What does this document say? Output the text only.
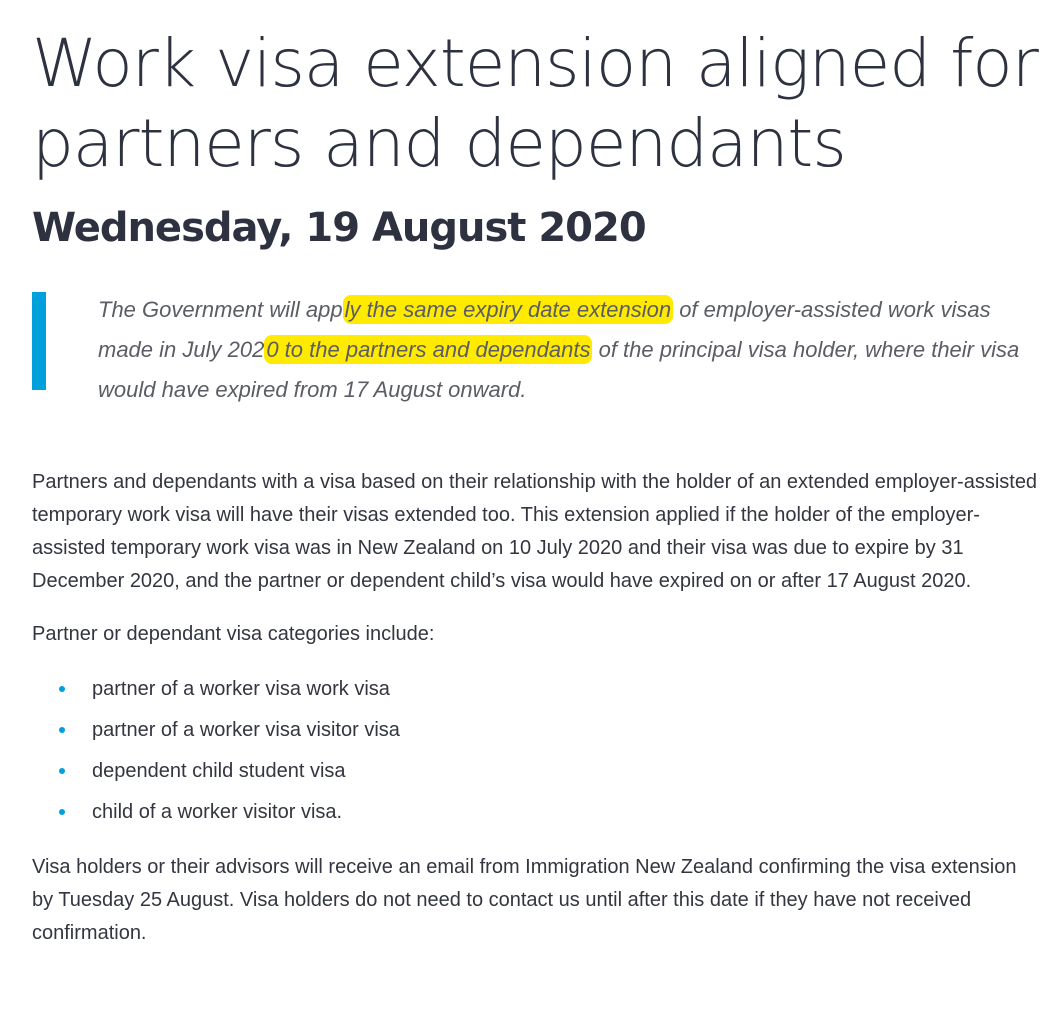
Work visa extension aligned for partners and dependants
Wednesday, 19 August 2020

The Government will apply the same expiry date extension of employer-assisted work visas made in July 2020 to the partners and dependants of the principal visa holder, where their visa would have expired from 17 August onward.

Partners and dependants with a visa based on their relationship with the holder of an extended employer-assisted temporary work visa will have their visas extended too. This extension applied if the holder of the employer-assisted temporary work visa was in New Zealand on 10 July 2020 and their visa was due to expire by 31 December 2020, and the partner or dependent child’s visa would have expired on or after 17 August 2020.

Partner or dependant visa categories include:

partner of a worker visa work visa
partner of a worker visa visitor visa
dependent child student visa
child of a worker visitor visa.

Visa holders or their advisors will receive an email from Immigration New Zealand confirming the visa extension by Tuesday 25 August. Visa holders do not need to contact us until after this date if they have not received confirmation.
